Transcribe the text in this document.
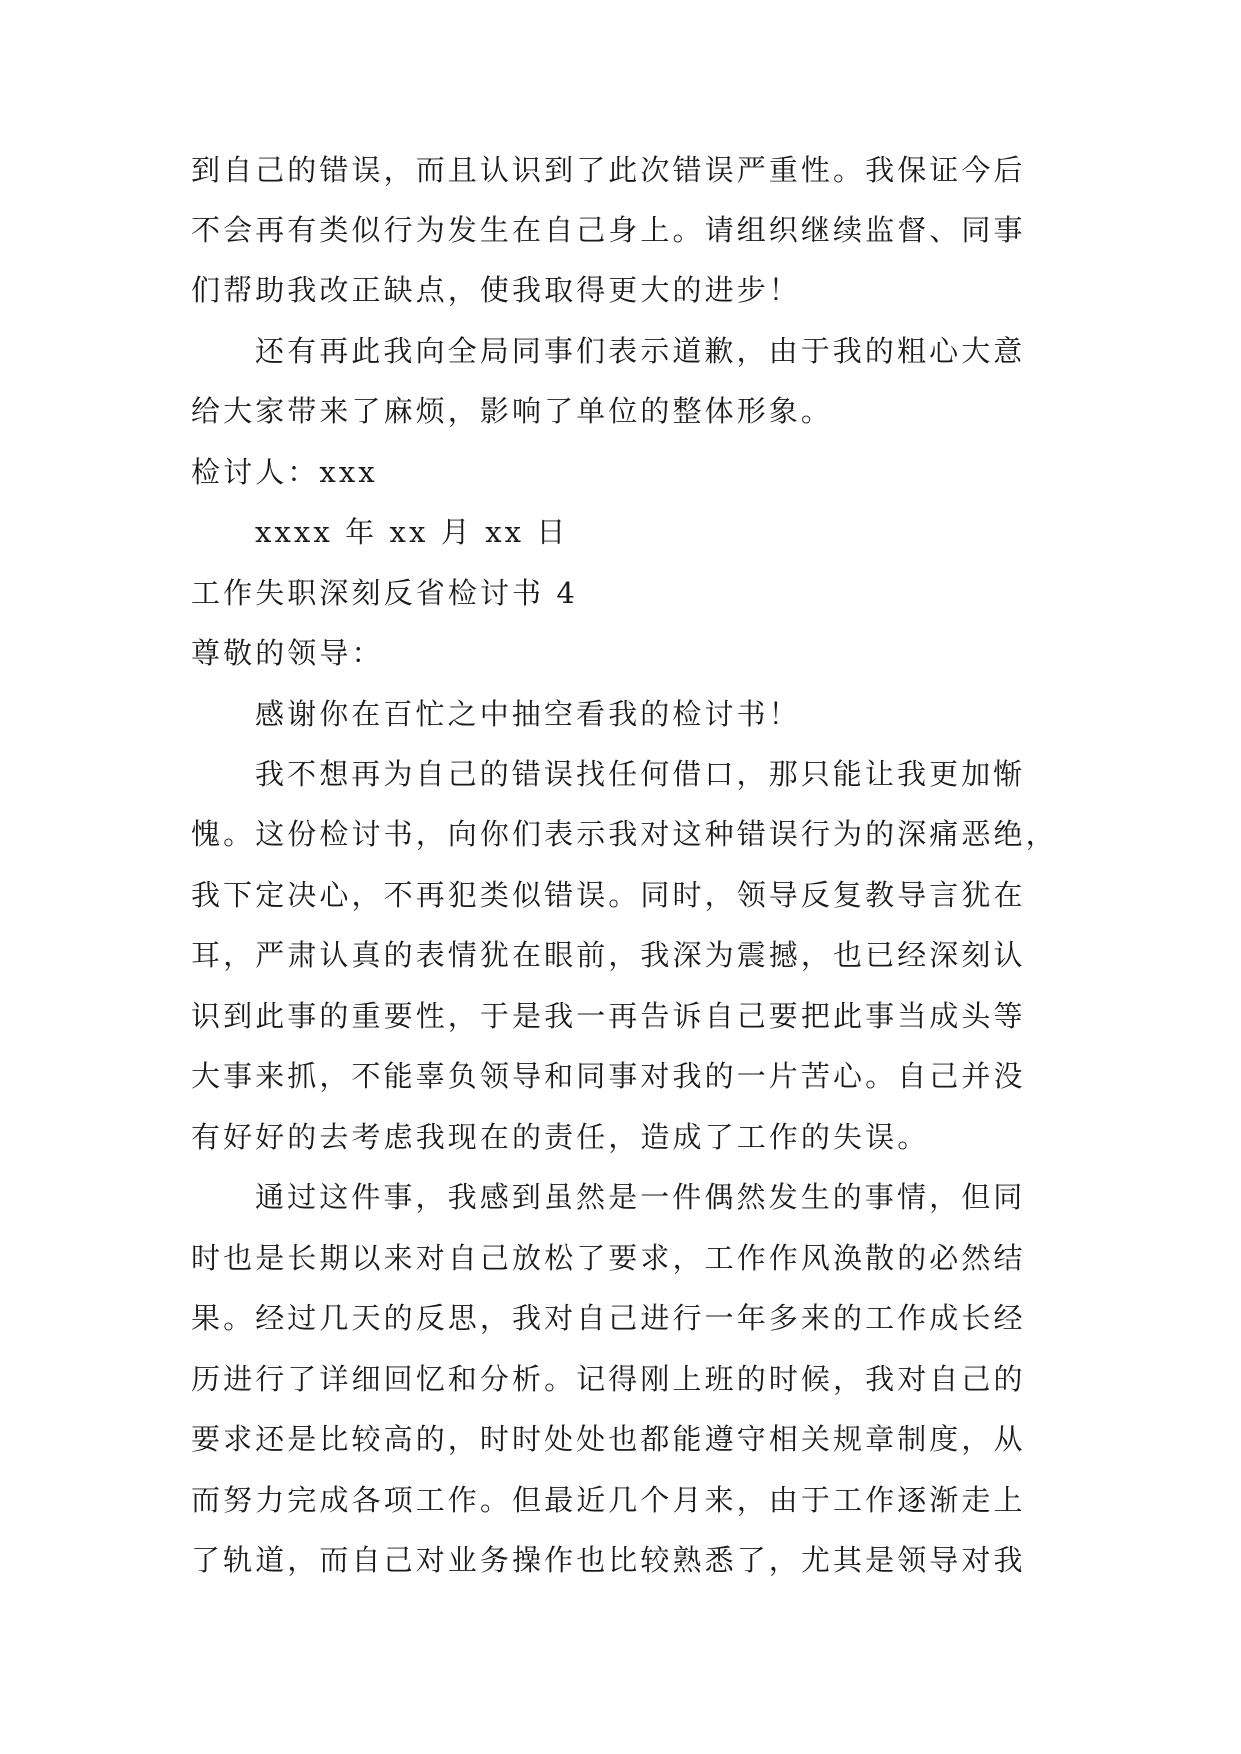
到自己的错误，而且认识到了此次错误严重性。我保证今后
不会再有类似行为发生在自己身上。请组织继续监督、同事
们帮助我改正缺点，使我取得更大的进步！
还有再此我向全局同事们表示道歉，由于我的粗心大意
给大家带来了麻烦，影响了单位的整体形象。
检讨人：xxx
xxxx 年 xx 月 xx 日
工作失职深刻反省检讨书 4
尊敬的领导：
感谢你在百忙之中抽空看我的检讨书！
我不想再为自己的错误找任何借口，那只能让我更加惭
愧。这份检讨书，向你们表示我对这种错误行为的深痛恶绝，
我下定决心，不再犯类似错误。同时，领导反复教导言犹在
耳，严肃认真的表情犹在眼前，我深为震撼，也已经深刻认
识到此事的重要性，于是我一再告诉自己要把此事当成头等
大事来抓，不能辜负领导和同事对我的一片苦心。自己并没
有好好的去考虑我现在的责任，造成了工作的失误。
通过这件事，我感到虽然是一件偶然发生的事情，但同
时也是长期以来对自己放松了要求，工作作风涣散的必然结
果。经过几天的反思，我对自己进行一年多来的工作成长经
历进行了详细回忆和分析。记得刚上班的时候，我对自己的
要求还是比较高的，时时处处也都能遵守相关规章制度，从
而努力完成各项工作。但最近几个月来，由于工作逐渐走上
了轨道，而自己对业务操作也比较熟悉了，尤其是领导对我
